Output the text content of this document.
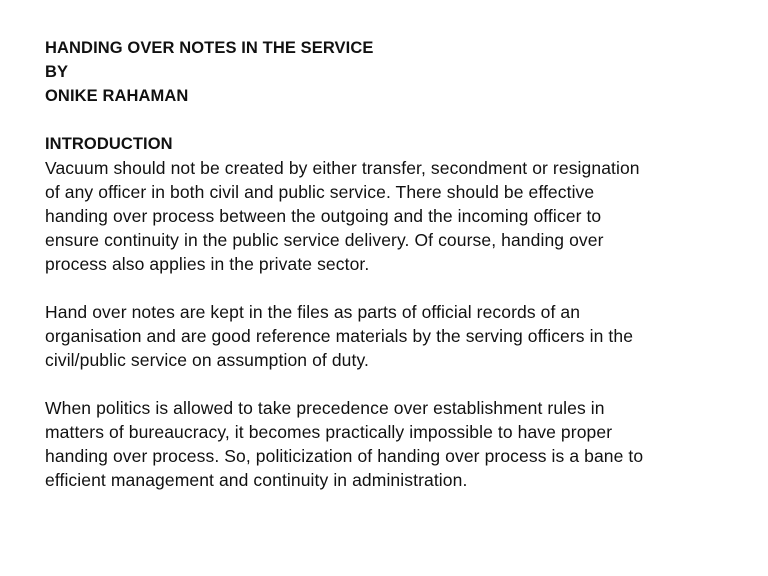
HANDING OVER NOTES IN THE SERVICE
BY
ONIKE RAHAMAN
INTRODUCTION
Vacuum should not be created by either transfer, secondment or resignation
of any officer in both civil and public service. There should be effective
handing over process between the outgoing and the incoming officer to
ensure continuity in the public service delivery. Of course, handing over
process also applies in the private sector.
Hand over notes are kept in the files as parts of official records of an
organisation and are good reference materials by the serving officers in the
civil/public service on assumption of duty.
When politics is allowed to take precedence over establishment rules in
matters of bureaucracy, it becomes practically impossible to have proper
handing over process. So, politicization of handing over process is a bane to
efficient management and continuity in administration.
